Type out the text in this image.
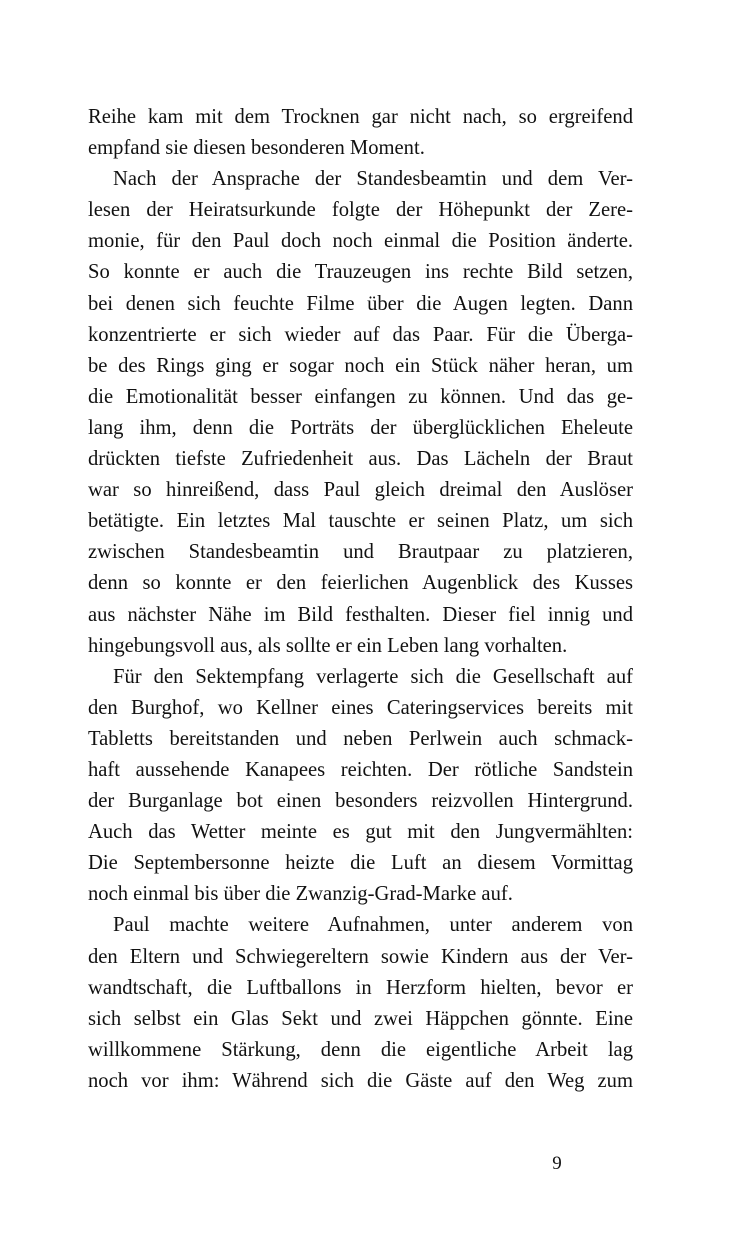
Reihe kam mit dem Trocknen gar nicht nach, so ergreifend
empfand sie diesen besonderen Moment.
Nach der Ansprache der Standesbeamtin und dem Ver-
lesen der Heiratsurkunde folgte der Höhepunkt der Zere-
monie, für den Paul doch noch einmal die Position änderte.
So konnte er auch die Trauzeugen ins rechte Bild setzen,
bei denen sich feuchte Filme über die Augen legten. Dann
konzentrierte er sich wieder auf das Paar. Für die Überga-
be des Rings ging er sogar noch ein Stück näher heran, um
die Emotionalität besser einfangen zu können. Und das ge-
lang ihm, denn die Porträts der überglücklichen Eheleute
drückten tiefste Zufriedenheit aus. Das Lächeln der Braut
war so hinreißend, dass Paul gleich dreimal den Auslöser
betätigte. Ein letztes Mal tauschte er seinen Platz, um sich
zwischen Standesbeamtin und Brautpaar zu platzieren,
denn so konnte er den feierlichen Augenblick des Kusses
aus nächster Nähe im Bild festhalten. Dieser fiel innig und
hingebungsvoll aus, als sollte er ein Leben lang vorhalten.
Für den Sektempfang verlagerte sich die Gesellschaft auf
den Burghof, wo Kellner eines Cateringservices bereits mit
Tabletts bereitstanden und neben Perlwein auch schmack-
haft aussehende Kanapees reichten. Der rötliche Sandstein
der Burganlage bot einen besonders reizvollen Hintergrund.
Auch das Wetter meinte es gut mit den Jungvermählten:
Die Septembersonne heizte die Luft an diesem Vormittag
noch einmal bis über die Zwanzig-Grad-Marke auf.
Paul machte weitere Aufnahmen, unter anderem von
den Eltern und Schwiegereltern sowie Kindern aus der Ver-
wandtschaft, die Luftballons in Herzform hielten, bevor er
sich selbst ein Glas Sekt und zwei Häppchen gönnte. Eine
willkommene Stärkung, denn die eigentliche Arbeit lag
noch vor ihm: Während sich die Gäste auf den Weg zum
9
